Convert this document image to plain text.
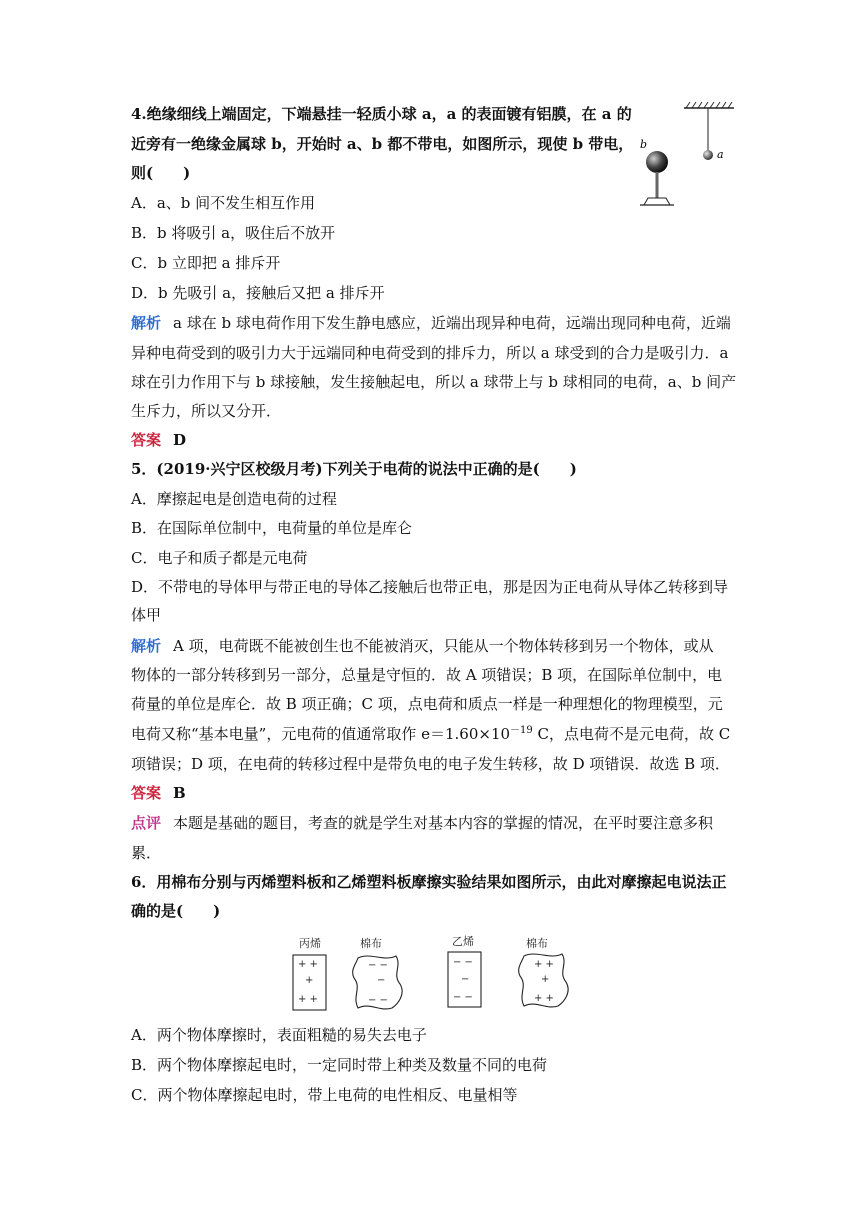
4.绝缘细线上端固定，下端悬挂一轻质小球 a，a 的表面镀有铝膜，在 a 的
近旁有一绝缘金属球 b，开始时 a、b 都不带电，如图所示，现使 b 带电，
则(　　)
b
a
A．a、b 间不发生相互作用
B．b 将吸引 a，吸住后不放开
C．b 立即把 a 排斥开
D．b 先吸引 a，接触后又把 a 排斥开
解析 a 球在 b 球电荷作用下发生静电感应，近端出现异种电荷，远端出现同种电荷，近端
异种电荷受到的吸引力大于远端同种电荷受到的排斥力，所以 a 球受到的合力是吸引力．a
球在引力作用下与 b 球接触，发生接触起电，所以 a 球带上与 b 球相同的电荷，a、b 间产
生斥力，所以又分开．
答案 D
5．(2019·兴宁区校级月考)下列关于电荷的说法中正确的是(　　)
A．摩擦起电是创造电荷的过程
B．在国际单位制中，电荷量的单位是库仑
C．电子和质子都是元电荷
D．不带电的导体甲与带正电的导体乙接触后也带正电，那是因为正电荷从导体乙转移到导
体甲
解析 A 项，电荷既不能被创生也不能被消灭，只能从一个物体转移到另一个物体，或从
物体的一部分转移到另一部分，总量是守恒的．故 A 项错误；B 项，在国际单位制中，电
荷量的单位是库仑．故 B 项正确；C 项，点电荷和质点一样是一种理想化的物理模型，元
电荷又称“基本电量”，元电荷的值通常取作 $e=1.60\times 10^{-19}$ C，点电荷不是元电荷，故 C
项错误；D 项，在电荷的转移过程中是带负电的电子发生转移，故 D 项错误．故选 B 项．
答案 B
点评 本题是基础的题目，考查的就是学生对基本内容的掌握的情况，在平时要注意多积
累．
6．用棉布分别与丙烯塑料板和乙烯塑料板摩擦实验结果如图所示，由此对摩擦起电说法正
确的是(　　)
丙烯	棉布	乙烯	棉布
+ +
+
+ +
− −
−
− −
− −
−
− −
+ +
+
+ +
A．两个物体摩擦时，表面粗糙的易失去电子
B．两个物体摩擦起电时，一定同时带上种类及数量不同的电荷
C．两个物体摩擦起电时，带上电荷的电性相反、电量相等
